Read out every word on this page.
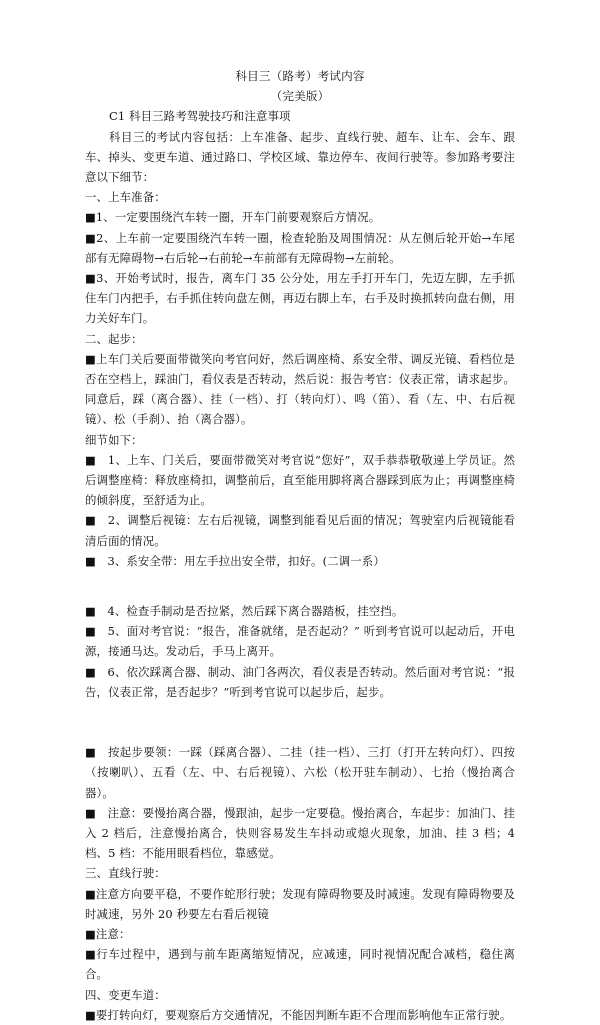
科目三（路考）考试内容
（完美版）

C1 科目三路考驾驶技巧和注意事项

科目三的考试内容包括：上车准备、起步、直线行驶、超车、让车、会车、跟车、掉头、变更车道、通过路口、学校区域、靠边停车、夜间行驶等。参加路考要注意以下细节：

一、上车准备：

■1、一定要围绕汽车转一圈，开车门前要观察后方情况。

■2、上车前一定要围绕汽车转一圈，检查轮胎及周围情况：从左侧后轮开始→车尾部有无障碍物→右后轮→右前轮→车前部有无障碍物→左前轮。

■3、开始考试时，报告，离车门 35 公分处，用左手打开车门，先迈左脚，左手抓住车门内把手，右手抓住转向盘左侧，再迈右脚上车，右手及时换抓转向盘右侧，用力关好车门。

二、起步：

■上车门关后要面带微笑向考官问好，然后调座椅、系安全带、调反光镜、看档位是否在空档上，踩油门，看仪表是否转动，然后说：报告考官：仪表正常，请求起步。同意后，踩（离合器）、挂（一档）、打（转向灯）、鸣（笛）、看（左、中、右后视镜）、松（手刹）、抬（离合器）。

细节如下：

■　1、上车、门关后，要面带微笑对考官说“您好”，双手恭恭敬敬递上学员证。然后调整座椅：释放座椅扣，调整前后，直至能用脚将离合器踩到底为止；再调整座椅的倾斜度，至舒适为止。

■　2、调整后视镜：左右后视镜，调整到能看见后面的情况；驾驶室内后视镜能看清后面的情况。

■　3、系安全带：用左手拉出安全带，扣好。(二调一系）

■　4、检查手制动是否拉紧，然后踩下离合器踏板，挂空挡。

■　5、面对考官说：“报告，准备就绪，是否起动？” 听到考官说可以起动后，开电源，接通马达。发动后，手马上离开。

■　6、依次踩离合器、制动、油门各两次，看仪表是否转动。然后面对考官说：“报告，仪表正常，是否起步？”听到考官说可以起步后，起步。

■　按起步要领：一踩（踩离合器）、二挂（挂一档）、三打（打开左转向灯）、四按（按喇叭）、五看（左、中、右后视镜）、六松（松开驻车制动）、七抬（慢抬离合器）。

■　注意：要慢抬离合器，慢跟油，起步一定要稳。慢抬离合，车起步：加油门、挂入 2 档后，注意慢抬离合，快则容易发生车抖动或熄火现象，加油、挂 3 档；4 档、5 档：不能用眼看档位，靠感觉。

三、直线行驶：

■注意方向要平稳，不要作蛇形行驶；发现有障碍物要及时减速。发现有障碍物要及时减速，另外 20 秒要左右看后视镜

■注意：

■行车过程中，遇到与前车距离缩短情况，应减速，同时视情况配合减档，稳住离合。

四、变更车道：

■要打转向灯，要观察后方交通情况，不能因判断车距不合理而影响他车正常行驶。
